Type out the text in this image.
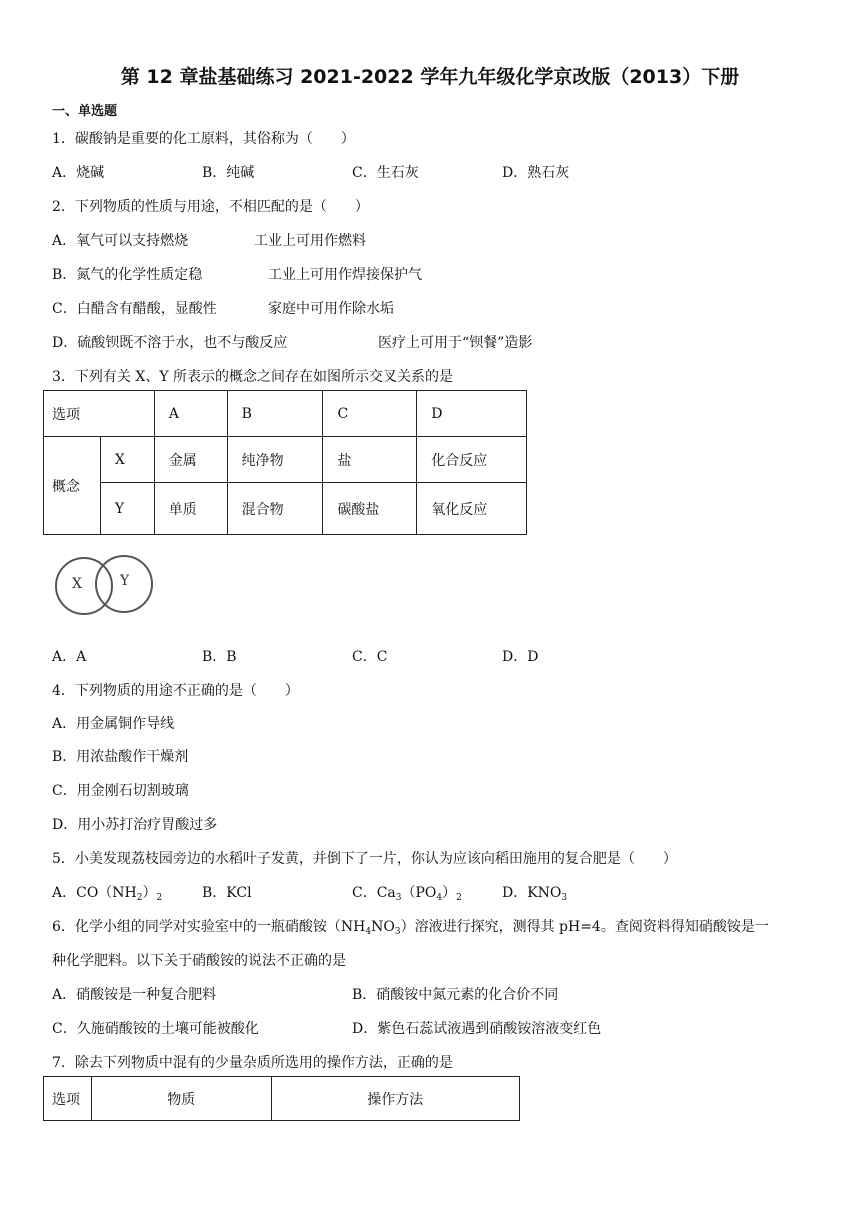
第 12 章盐基础练习 2021-2022 学年九年级化学京改版（2013）下册
一、单选题
1．碳酸钠是重要的化工原料，其俗称为（　　）
A．烧碱	B．纯碱	C．生石灰	D．熟石灰
2．下列物质的性质与用途，不相匹配的是（　　）
A．氧气可以支持燃烧	工业上可用作燃料
B．氮气的化学性质定稳	工业上可用作焊接保护气
C．白醋含有醋酸，显酸性	家庭中可用作除水垢
D．硫酸钡既不溶于水，也不与酸反应	医疗上可用于“钡餐”造影
3．下列有关 X、Y 所表示的概念之间存在如图所示交叉关系的是
选项		A	B	C	D
概念	X	金属	纯净物	盐	化合反应
	Y	单质	混合物	碳酸盐	氧化反应
X	Y
A．A	B．B	C．C	D．D
4．下列物质的用途不正确的是（　　）
A．用金属铜作导线
B．用浓盐酸作干燥剂
C．用金刚石切割玻璃
D．用小苏打治疗胃酸过多
5．小美发现荔枝园旁边的水稻叶子发黄，并倒下了一片，你认为应该向稻田施用的复合肥是（　　）
A．$CO(NH_2)_2$	B．KCl	C．$Ca_3(PO_4)_2$	D．$KNO_3$
6．化学小组的同学对实验室中的一瓶硝酸铵$(NH_4NO_3)$溶液进行探究，测得其 pH=4。查阅资料得知硝酸铵是一
种化学肥料。以下关于硝酸铵的说法不正确的是
A．硝酸铵是一种复合肥料	B．硝酸铵中氮元素的化合价不同
C．久施硝酸铵的土壤可能被酸化	D．紫色石蕊试液遇到硝酸铵溶液变红色
7．除去下列物质中混有的少量杂质所选用的操作方法，正确的是
选项	物质	操作方法
